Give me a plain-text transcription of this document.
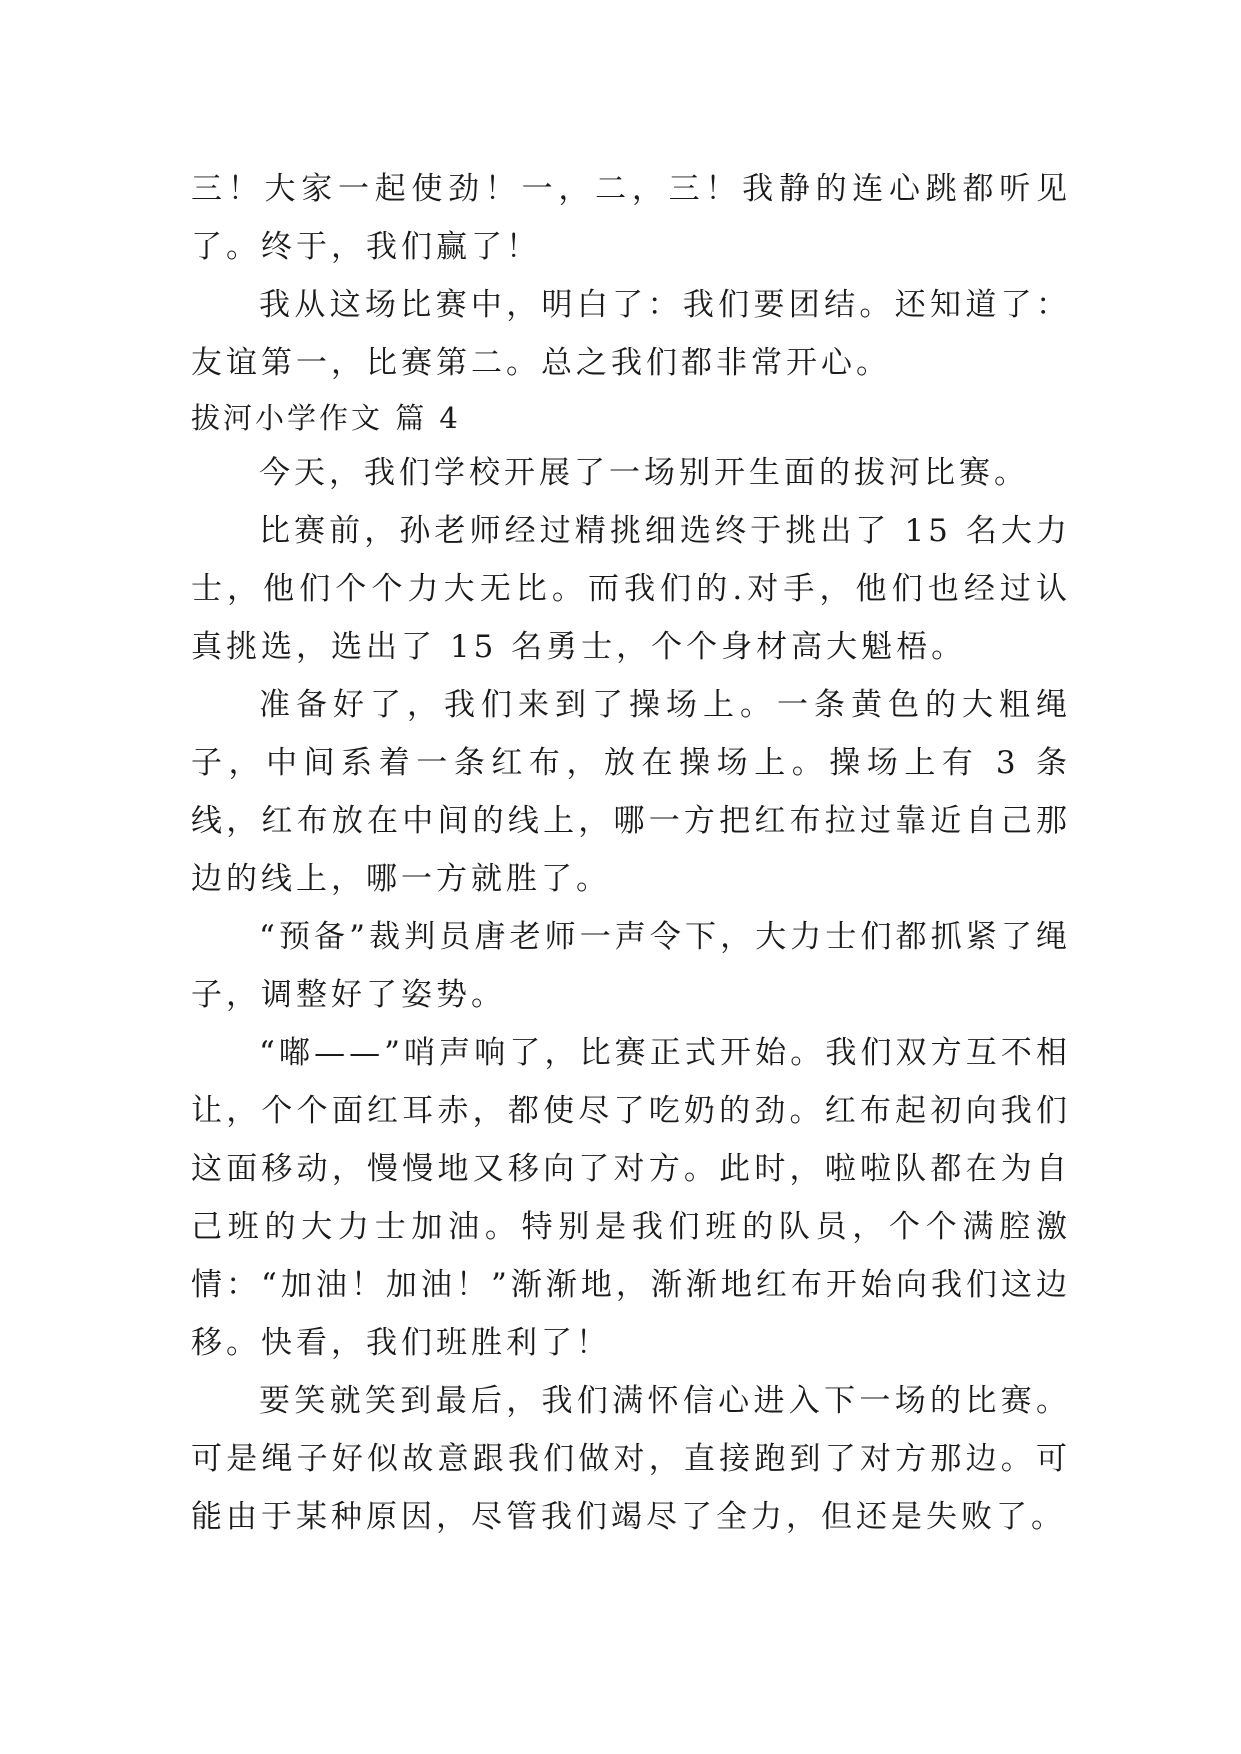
三！大家一起使劲！一，二，三！我静的连心跳都听见了。终于，我们赢了！

我从这场比赛中，明白了：我们要团结。还知道了：友谊第一，比赛第二。总之我们都非常开心。

拔河小学作文 篇 4

今天，我们学校开展了一场别开生面的拔河比赛。

比赛前，孙老师经过精挑细选终于挑出了 15 名大力士，他们个个力大无比。而我们的.对手，他们也经过认真挑选，选出了 15 名勇士，个个身材高大魁梧。

准备好了，我们来到了操场上。一条黄色的大粗绳子，中间系着一条红布，放在操场上。操场上有 3 条线，红布放在中间的线上，哪一方把红布拉过靠近自己那边的线上，哪一方就胜了。

“预备”裁判员唐老师一声令下，大力士们都抓紧了绳子，调整好了姿势。

“嘟——”哨声响了，比赛正式开始。我们双方互不相让，个个面红耳赤，都使尽了吃奶的劲。红布起初向我们这面移动，慢慢地又移向了对方。此时，啦啦队都在为自己班的大力士加油。特别是我们班的队员，个个满腔激情：“加油！加油！”渐渐地，渐渐地红布开始向我们这边移。快看，我们班胜利了！

要笑就笑到最后，我们满怀信心进入下一场的比赛。可是绳子好似故意跟我们做对，直接跑到了对方那边。可能由于某种原因，尽管我们竭尽了全力，但还是失败了。
